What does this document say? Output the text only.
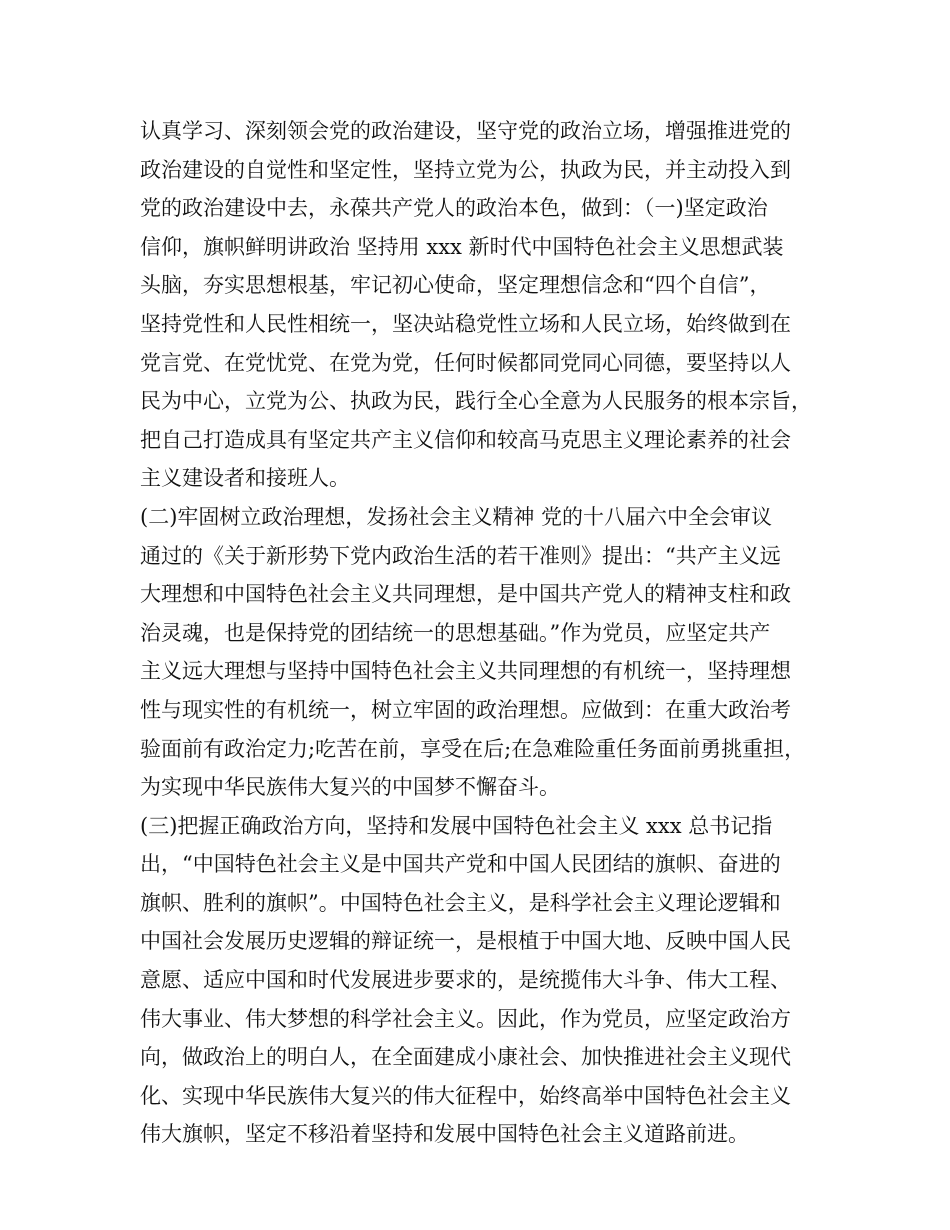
认真学习、深刻领会党的政治建设，坚守党的政治立场，增强推进党的
政治建设的自觉性和坚定性，坚持立党为公，执政为民，并主动投入到
党的政治建设中去，永葆共产党人的政治本色，做到：（一)坚定政治
信仰，旗帜鲜明讲政治 坚持用 xxx 新时代中国特色社会主义思想武装
头脑，夯实思想根基，牢记初心使命，坚定理想信念和“四个自信”，
坚持党性和人民性相统一，坚决站稳党性立场和人民立场，始终做到在
党言党、在党忧党、在党为党，任何时候都同党同心同德，要坚持以人
民为中心，立党为公、执政为民，践行全心全意为人民服务的根本宗旨，
把自己打造成具有坚定共产主义信仰和较高马克思主义理论素养的社会
主义建设者和接班人。
(二)牢固树立政治理想，发扬社会主义精神 党的十八届六中全会审议
通过的《关于新形势下党内政治生活的若干准则》提出：“共产主义远
大理想和中国特色社会主义共同理想，是中国共产党人的精神支柱和政
治灵魂，也是保持党的团结统一的思想基础。”作为党员，应坚定共产
主义远大理想与坚持中国特色社会主义共同理想的有机统一，坚持理想
性与现实性的有机统一，树立牢固的政治理想。应做到：在重大政治考
验面前有政治定力;吃苦在前，享受在后;在急难险重任务面前勇挑重担，
为实现中华民族伟大复兴的中国梦不懈奋斗。
(三)把握正确政治方向，坚持和发展中国特色社会主义 xxx 总书记指
出，“中国特色社会主义是中国共产党和中国人民团结的旗帜、奋进的
旗帜、胜利的旗帜”。中国特色社会主义，是科学社会主义理论逻辑和
中国社会发展历史逻辑的辩证统一，是根植于中国大地、反映中国人民
意愿、适应中国和时代发展进步要求的，是统揽伟大斗争、伟大工程、
伟大事业、伟大梦想的科学社会主义。因此，作为党员，应坚定政治方
向，做政治上的明白人，在全面建成小康社会、加快推进社会主义现代
化、实现中华民族伟大复兴的伟大征程中，始终高举中国特色社会主义
伟大旗帜，坚定不移沿着坚持和发展中国特色社会主义道路前进。
